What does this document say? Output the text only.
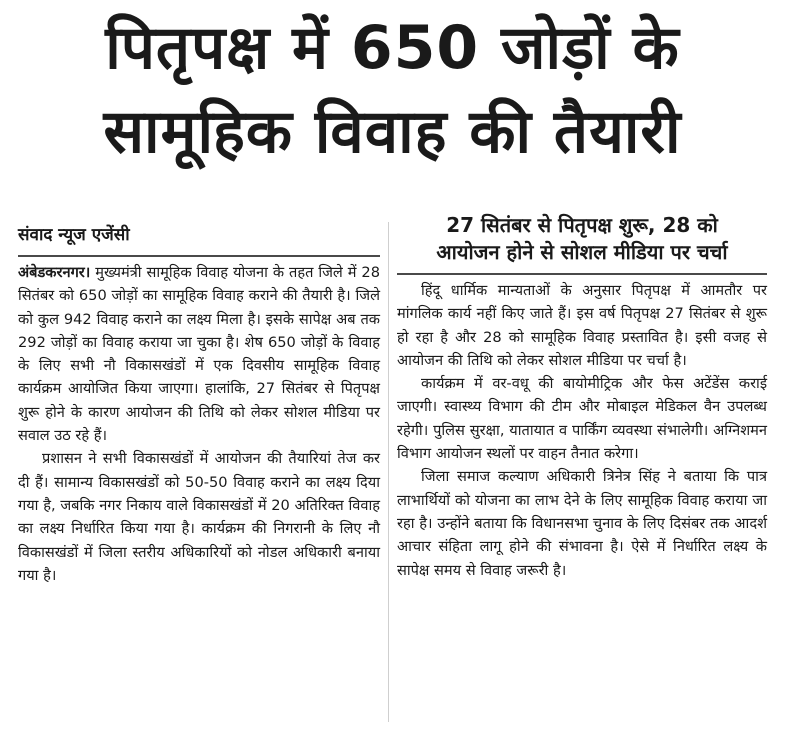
पितृपक्ष में 650 जोड़ों के
सामूहिक विवाह की तैयारी
संवाद न्यूज एजेंसी

अंबेडकरनगर। मुख्यमंत्री सामूहिक विवाह योजना के तहत जिले में 28 सितंबर को 650 जोड़ों का सामूहिक विवाह कराने की तैयारी है। जिले को कुल 942 विवाह कराने का लक्ष्य मिला है। इसके सापेक्ष अब तक 292 जोड़ों का विवाह कराया जा चुका है। शेष 650 जोड़ों के विवाह के लिए सभी नौ विकासखंडों में एक दिवसीय सामूहिक विवाह कार्यक्रम आयोजित किया जाएगा। हालांकि, 27 सितंबर से पितृपक्ष शुरू होने के कारण आयोजन की तिथि को लेकर सोशल मीडिया पर सवाल उठ रहे हैं।

प्रशासन ने सभी विकासखंडों में आयोजन की तैयारियां तेज कर दी हैं। सामान्य विकासखंडों को 50-50 विवाह कराने का लक्ष्य दिया गया है, जबकि नगर निकाय वाले विकासखंडों में 20 अतिरिक्त विवाह का लक्ष्य निर्धारित किया गया है। कार्यक्रम की निगरानी के लिए नौ विकासखंडों में जिला स्तरीय अधिकारियों को नोडल अधिकारी बनाया गया है।

27 सितंबर से पितृपक्ष शुरू, 28 को
आयोजन होने से सोशल मीडिया पर चर्चा

हिंदू धार्मिक मान्यताओं के अनुसार पितृपक्ष में आमतौर पर मांगलिक कार्य नहीं किए जाते हैं। इस वर्ष पितृपक्ष 27 सितंबर से शुरू हो रहा है और 28 को सामूहिक विवाह प्रस्तावित है। इसी वजह से आयोजन की तिथि को लेकर सोशल मीडिया पर चर्चा है।

कार्यक्रम में वर-वधू की बायोमीट्रिक और फेस अटेंडेंस कराई जाएगी। स्वास्थ्य विभाग की टीम और मोबाइल मेडिकल वैन उपलब्ध रहेगी। पुलिस सुरक्षा, यातायात व पार्किंग व्यवस्था संभालेगी। अग्निशमन विभाग आयोजन स्थलों पर वाहन तैनात करेगा।

जिला समाज कल्याण अधिकारी त्रिनेत्र सिंह ने बताया कि पात्र लाभार्थियों को योजना का लाभ देने के लिए सामूहिक विवाह कराया जा रहा है। उन्होंने बताया कि विधानसभा चुनाव के लिए दिसंबर तक आदर्श आचार संहिता लागू होने की संभावना है। ऐसे में निर्धारित लक्ष्य के सापेक्ष समय से विवाह जरूरी है।
